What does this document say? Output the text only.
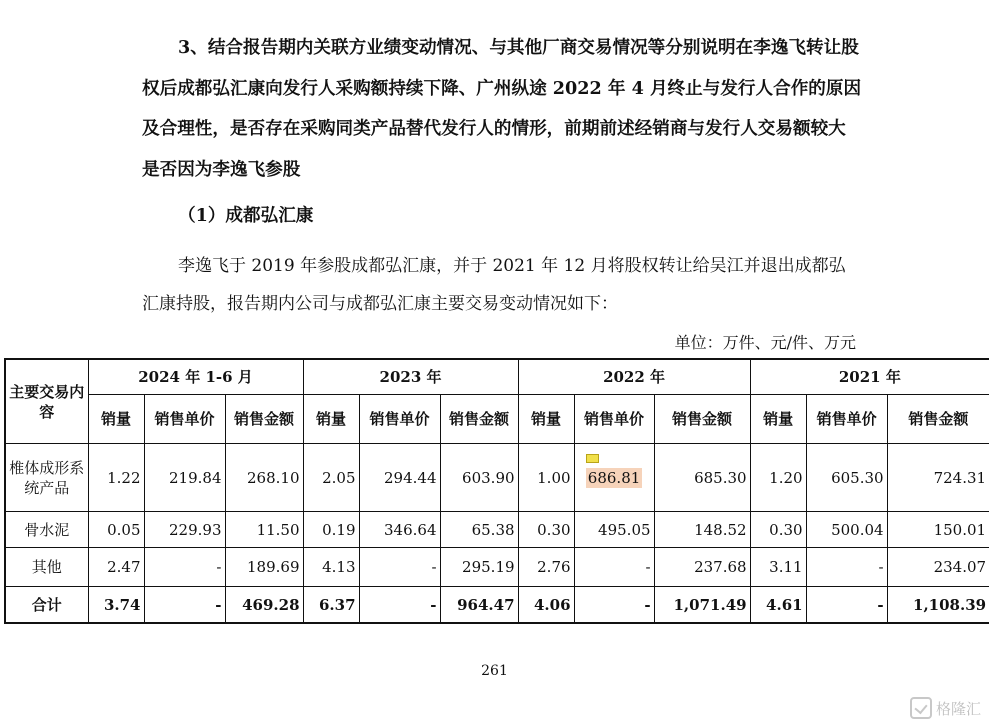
3、结合报告期内关联方业绩变动情况、与其他厂商交易情况等分别说明在李逸飞转让股权后成都弘汇康向发行人采购额持续下降、广州纵途 2022 年 4 月终止与发行人合作的原因及合理性，是否存在采购同类产品替代发行人的情形，前期前述经销商与发行人交易额较大是否因为李逸飞参股

（1）成都弘汇康

李逸飞于 2019 年参股成都弘汇康，并于 2021 年 12 月将股权转让给吴江并退出成都弘汇康持股，报告期内公司与成都弘汇康主要交易变动情况如下：

单位：万件、元/件、万元
主要交易内容	2024 年 1-6 月			2023 年			2022 年			2021 年		
	销量	销售单价	销售金额	销量	销售单价	销售金额	销量	销售单价	销售金额	销量	销售单价	销售金额
椎体成形系统产品	1.22	219.84	268.10	2.05	294.44	603.90	1.00	686.81	685.30	1.20	605.30	724.31
骨水泥	0.05	229.93	11.50	0.19	346.64	65.38	0.30	495.05	148.52	0.30	500.04	150.01
其他	2.47	-	189.69	4.13	-	295.19	2.76	-	237.68	3.11	-	234.07
合计	3.74	-	469.28	6.37	-	964.47	4.06	-	1,071.49	4.61	-	1,108.39
261
格隆汇
